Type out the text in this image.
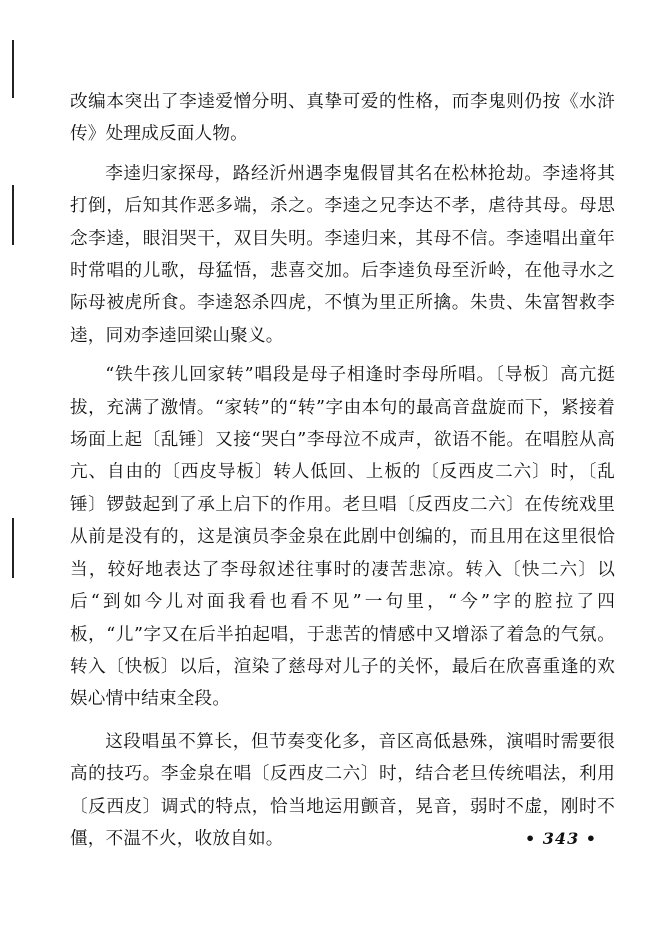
改编本突出了李逵爱憎分明、真挚可爱的性格，而李鬼则仍按《水浒传》处理成反面人物。

李逵归家探母，路经沂州遇李鬼假冒其名在松林抢劫。李逵将其打倒，后知其作恶多端，杀之。李逵之兄李达不孝，虐待其母。母思念李逵，眼泪哭干，双目失明。李逵归来，其母不信。李逵唱出童年时常唱的儿歌，母猛悟，悲喜交加。后李逵负母至沂岭，在他寻水之际母被虎所食。李逵怒杀四虎，不慎为里正所擒。朱贵、朱富智救李逵，同劝李逵回梁山聚义。

“铁牛孩儿回家转”唱段是母子相逢时李母所唱。〔导板〕高亢挺拔，充满了激情。“家转”的“转”字由本句的最高音盘旋而下，紧接着场面上起〔乱锤〕又接“哭白”李母泣不成声，欲语不能。在唱腔从高亢、自由的〔西皮导板〕转人低回、上板的〔反西皮二六〕时，〔乱锤〕锣鼓起到了承上启下的作用。老旦唱〔反西皮二六〕在传统戏里从前是没有的，这是演员李金泉在此剧中创编的，而且用在这里很恰当，较好地表达了李母叙述往事时的凄苦悲凉。转入〔快二六〕以后“到如今儿对面我看也看不见”一句里，“今”字的腔拉了四板，“儿”字又在后半拍起唱，于悲苦的情感中又增添了着急的气氛。转入〔快板〕以后，渲染了慈母对儿子的关怀，最后在欣喜重逢的欢娱心情中结束全段。

这段唱虽不算长，但节奏变化多，音区高低悬殊，演唱时需要很高的技巧。李金泉在唱〔反西皮二六〕时，结合老旦传统唱法，利用〔反西皮〕调式的特点，恰当地运用颤音，晃音，弱时不虚，刚时不僵，不温不火，收放自如。	• 343 •
